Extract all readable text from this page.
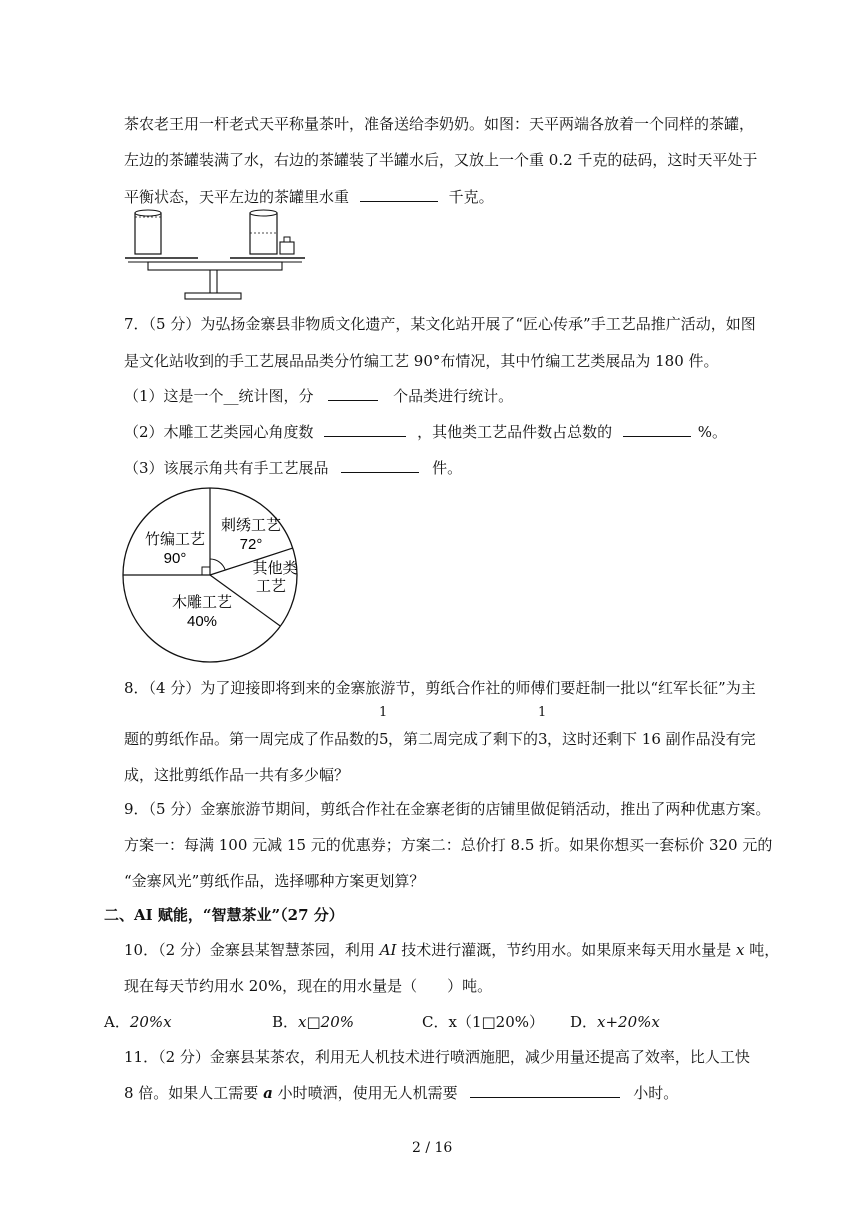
茶农老王用一杆老式天平称量茶叶，准备送给李奶奶。如图：天平两端各放着一个同样的茶罐，
左边的茶罐装满了水，右边的茶罐装了半罐水后，又放上一个重 0.2 千克的砝码，这时天平处于
平衡状态，天平左边的茶罐里水重	千克。
7．（5 分）为弘扬金寨县非物质文化遗产，某文化站开展了“匠心传承”手工艺品推广活动，如图
是文化站收到的手工艺展品品类分竹编工艺 90°布情况，其中竹编工艺类展品为 180 件。
（1）这是一个__统计图，分	个品类进行统计。
（2）木雕工艺类园心角度数	，其他类工艺品件数占总数的	%。
（3）该展示角共有手工艺展品	件。
竹编工艺
90°
刺绣工艺
72°
其他类
工艺
木雕工艺
40%
8．（4 分）为了迎接即将到来的金寨旅游节，剪纸合作社的师傅们要赶制一批以“红军长征”为主
题的剪纸作品。第一周完成了作品数的
1
5，第二周完成了剩下的
1
3，这时还剩下 16 副作品没有完
成，这批剪纸作品一共有多少幅？
9．（5 分）金寨旅游节期间，剪纸合作社在金寨老街的店铺里做促销活动，推出了两种优惠方案。
方案一：每满 100 元减 15 元的优惠券；方案二：总价打 8.5 折。如果你想买一套标价 320 元的
“金寨风光”剪纸作品，选择哪种方案更划算？
二、AI 赋能，“智慧茶业”（27 分）
10．（2 分）金寨县某智慧茶园，利用 AI 技术进行灌溉，节约用水。如果原来每天用水量是 x 吨，
现在每天节约用水 20%，现在的用水量是（　　）吨。
A．20%x	B．x□20%	C．x（1□20%） D．x+20%x
11．（2 分）金寨县某茶农，利用无人机技术进行喷洒施肥，减少用量还提高了效率，比人工快
8 倍。如果人工需要 a 小时喷洒，使用无人机需要	小时。
2 / 16
